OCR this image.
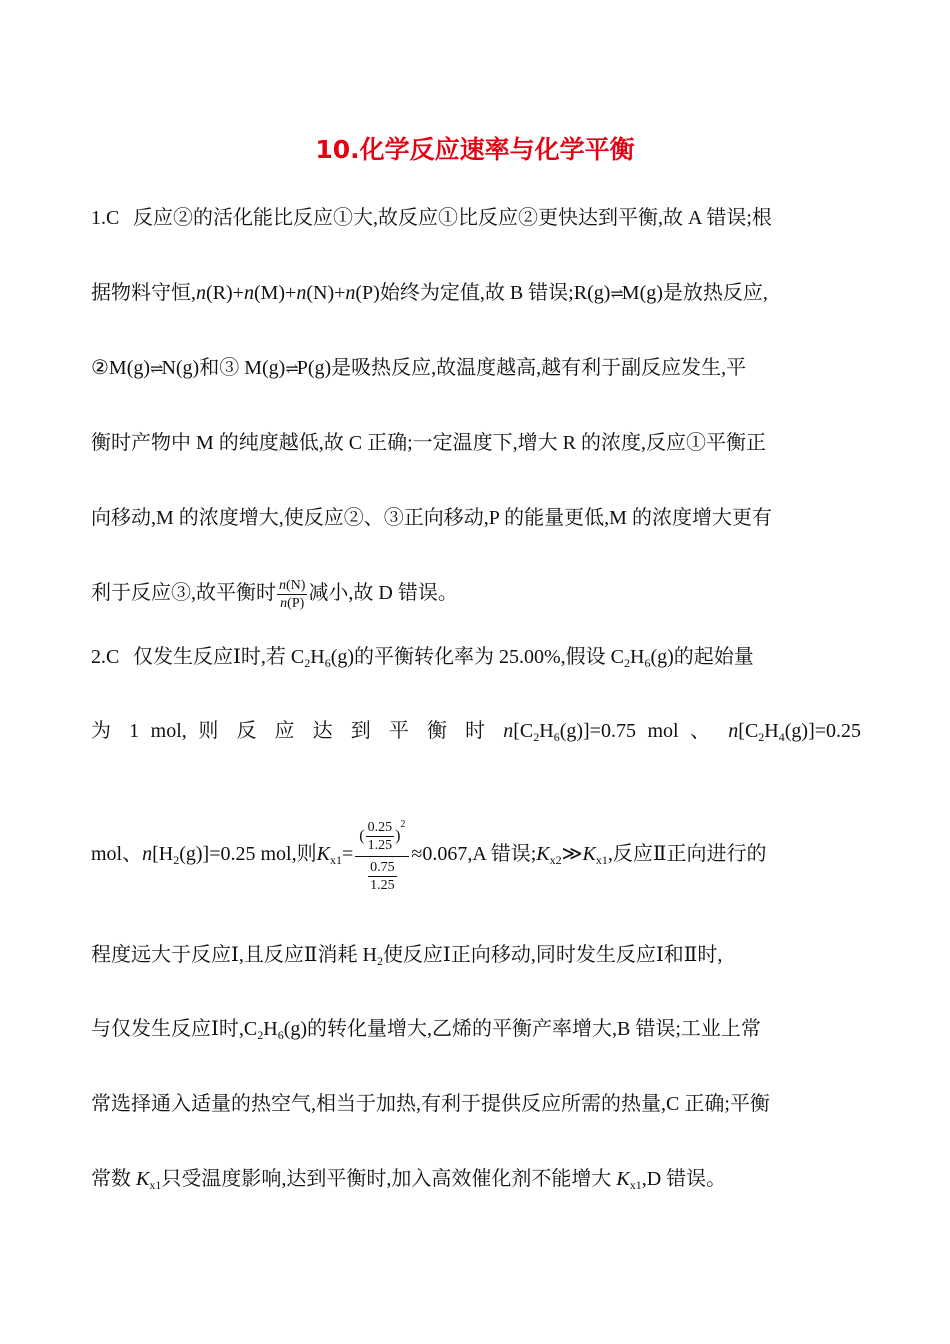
10.化学反应速率与化学平衡
1.C 反应②的活化能比反应①大,故反应①比反应②更快达到平衡,故 A 错误;根
据物料守恒,n(R)+n(M)+n(N)+n(P)始终为定值,故 B 错误;R(g)⇌M(g)是放热反应,
②M(g)⇌N(g)和③ M(g)⇌P(g)是吸热反应,故温度越高,越有利于副反应发生,平
衡时产物中 M 的纯度越低,故 C 正确;一定温度下,增大 R 的浓度,反应①平衡正
向移动,M 的浓度增大,使反应②、③正向移动,P 的能量更低,M 的浓度增大更有
利于反应③,故平衡时 $\frac{n(N)}{n(P)}$ 减小,故 D 错误。
2.C 仅发生反应Ⅰ时,若 $C_2H_6(g)$的平衡转化率为 25.00%,假设 $C_2H_6(g)$的起始量
为 1 mol, 则 反 应 达 到 平 衡 时 $n[C_2H_6(g)]=0.75$ mol 、 $n[C_2H_4(g)]=0.25$
mol、$n[H_2(g)]=0.25$ mol,则$K_{x1}= \frac{( \frac{0.25}{1.25} )^2}{\frac{0.75}{1.25}} \approx 0.067,A$ 错误$;K_{x2}≫K_{x1}$,反应Ⅱ正向进行的
程度远大于反应Ⅰ,且反应Ⅱ消耗 $H_2$使反应Ⅰ正向移动,同时发生反应Ⅰ和Ⅱ时,
与仅发生反应Ⅰ时$,C_2H_6(g)$的转化量增大,乙烯的平衡产率增大,B 错误;工业上常
常选择通入适量的热空气,相当于加热,有利于提供反应所需的热量,C 正确;平衡
常数 $K_{x1}$只受温度影响,达到平衡时,加入高效催化剂不能增大 $K_{x1},D$ 错误。
